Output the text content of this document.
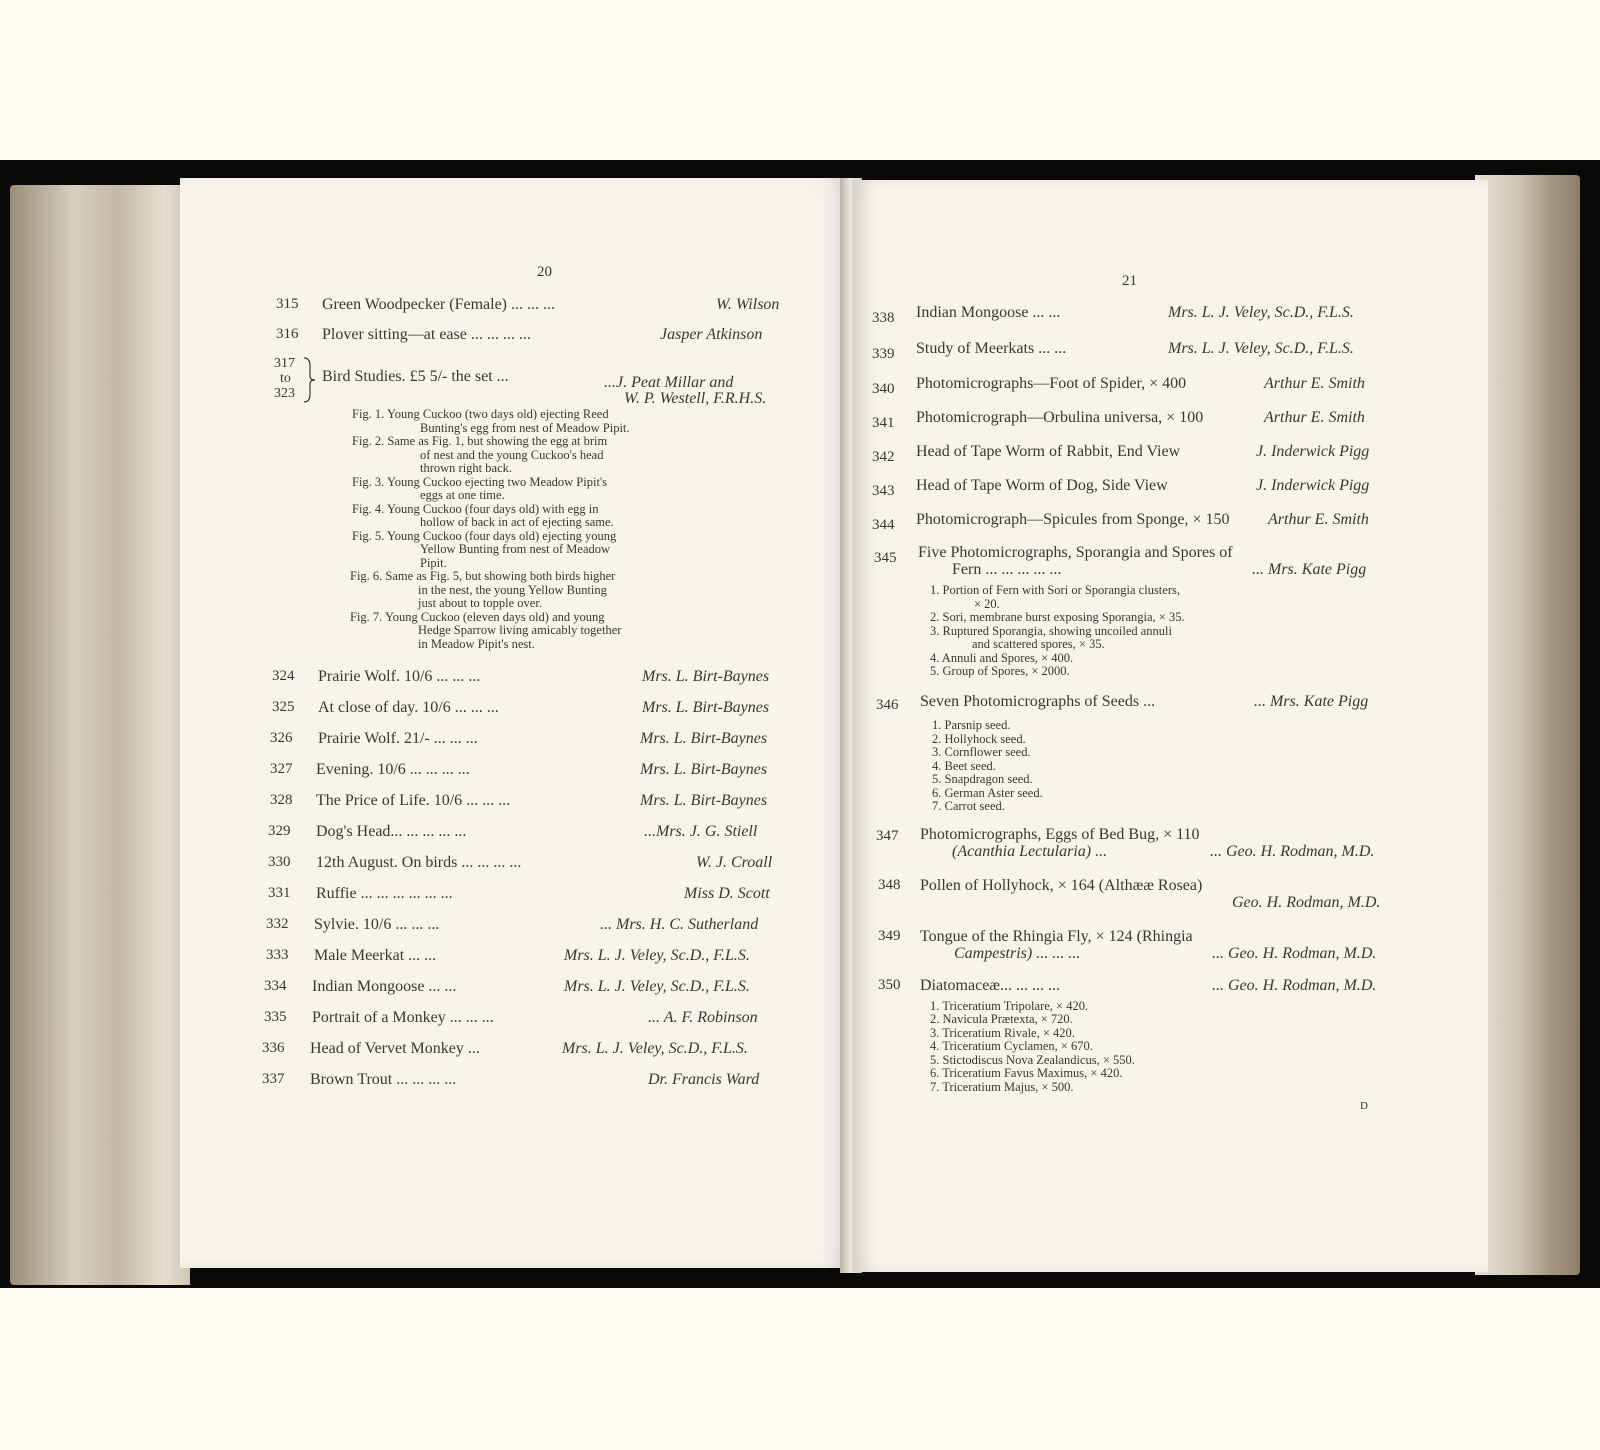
20
315 Green Woodpecker (Female) ... ... ...	W. Wilson
316 Plover sitting—at ease ... ... ... ...	Jasper Atkinson
317
to
323
Bird Studies. £5 5/- the set ...	...J. Peat Millar and
W. P. Westell, F.R.H.S.
Fig. 1. Young Cuckoo (two days old) ejecting Reed
Bunting's egg from nest of Meadow Pipit.
Fig. 2. Same as Fig. 1, but showing the egg at brim
of nest and the young Cuckoo's head
thrown right back.
Fig. 3. Young Cuckoo ejecting two Meadow Pipit's
eggs at one time.
Fig. 4. Young Cuckoo (four days old) with egg in
hollow of back in act of ejecting same.
Fig. 5. Young Cuckoo (four days old) ejecting young
Yellow Bunting from nest of Meadow
Pipit.
Fig. 6. Same as Fig. 5, but showing both birds higher
in the nest, the young Yellow Bunting
just about to topple over.
Fig. 7. Young Cuckoo (eleven days old) and young
Hedge Sparrow living amicably together
in Meadow Pipit's nest.
324 Prairie Wolf. 10/6 ... ... ...	Mrs. L. Birt-Baynes
325 At close of day. 10/6 ... ... ...	Mrs. L. Birt-Baynes
326 Prairie Wolf. 21/- ... ... ...	Mrs. L. Birt-Baynes
327 Evening. 10/6 ... ... ... ...	Mrs. L. Birt-Baynes
328 The Price of Life. 10/6 ... ... ...	Mrs. L. Birt-Baynes
329 Dog's Head... ... ... ... ...	...Mrs. J. G. Stiell
330 12th August. On birds ... ... ... ...	W. J. Croall
331 Ruffie ... ... ... ... ... ...	Miss D. Scott
332 Sylvie. 10/6 ... ... ...	... Mrs. H. C. Sutherland
333 Male Meerkat ... ...	Mrs. L. J. Veley, Sc.D., F.L.S.
334 Indian Mongoose ... ...	Mrs. L. J. Veley, Sc.D., F.L.S.
335 Portrait of a Monkey ... ... ...	... A. F. Robinson
336 Head of Vervet Monkey ...	Mrs. L. J. Veley, Sc.D., F.L.S.
337 Brown Trout ... ... ... ...	Dr. Francis Ward
21
338 Indian Mongoose ... ...	Mrs. L. J. Veley, Sc.D., F.L.S.
339 Study of Meerkats ... ...	Mrs. L. J. Veley, Sc.D., F.L.S.
340 Photomicrographs—Foot of Spider, × 400	Arthur E. Smith
341 Photomicrograph—Orbulina universa, × 100	Arthur E. Smith
342 Head of Tape Worm of Rabbit, End View	J. Inderwick Pigg
343 Head of Tape Worm of Dog, Side View	J. Inderwick Pigg
344 Photomicrograph—Spicules from Sponge, × 150 Arthur E. Smith
345 Five Photomicrographs, Sporangia and Spores of
Fern ... ... ... ... ...	... Mrs. Kate Pigg
1. Portion of Fern with Sori or Sporangia clusters,
× 20.
2. Sori, membrane burst exposing Sporangia, × 35.
3. Ruptured Sporangia, showing uncoiled annuli
and scattered spores, × 35.
4. Annuli and Spores, × 400.
5. Group of Spores, × 2000.
346 Seven Photomicrographs of Seeds ...	... Mrs. Kate Pigg
1. Parsnip seed.
2. Hollyhock seed.
3. Cornflower seed.
4. Beet seed.
5. Snapdragon seed.
6. German Aster seed.
7. Carrot seed.
347 Photomicrographs, Eggs of Bed Bug, × 110
(Acanthia Lectularia) ...	... Geo. H. Rodman, M.D.
348 Pollen of Hollyhock, × 164 (Althææ Rosea)
Geo. H. Rodman, M.D.
349 Tongue of the Rhingia Fly, × 124 (Rhingia
Campestris) ... ... ...	... Geo. H. Rodman, M.D.
350 Diatomaceæ... ... ... ...	... Geo. H. Rodman, M.D.
1. Triceratium Tripolare, × 420.
2. Navicula Prætexta, × 720.
3. Triceratium Rivale, × 420.
4. Triceratium Cyclamen, × 670.
5. Stictodiscus Nova Zealandicus, × 550.
6. Triceratium Favus Maximus, × 420.
7. Triceratium Majus, × 500.
D
